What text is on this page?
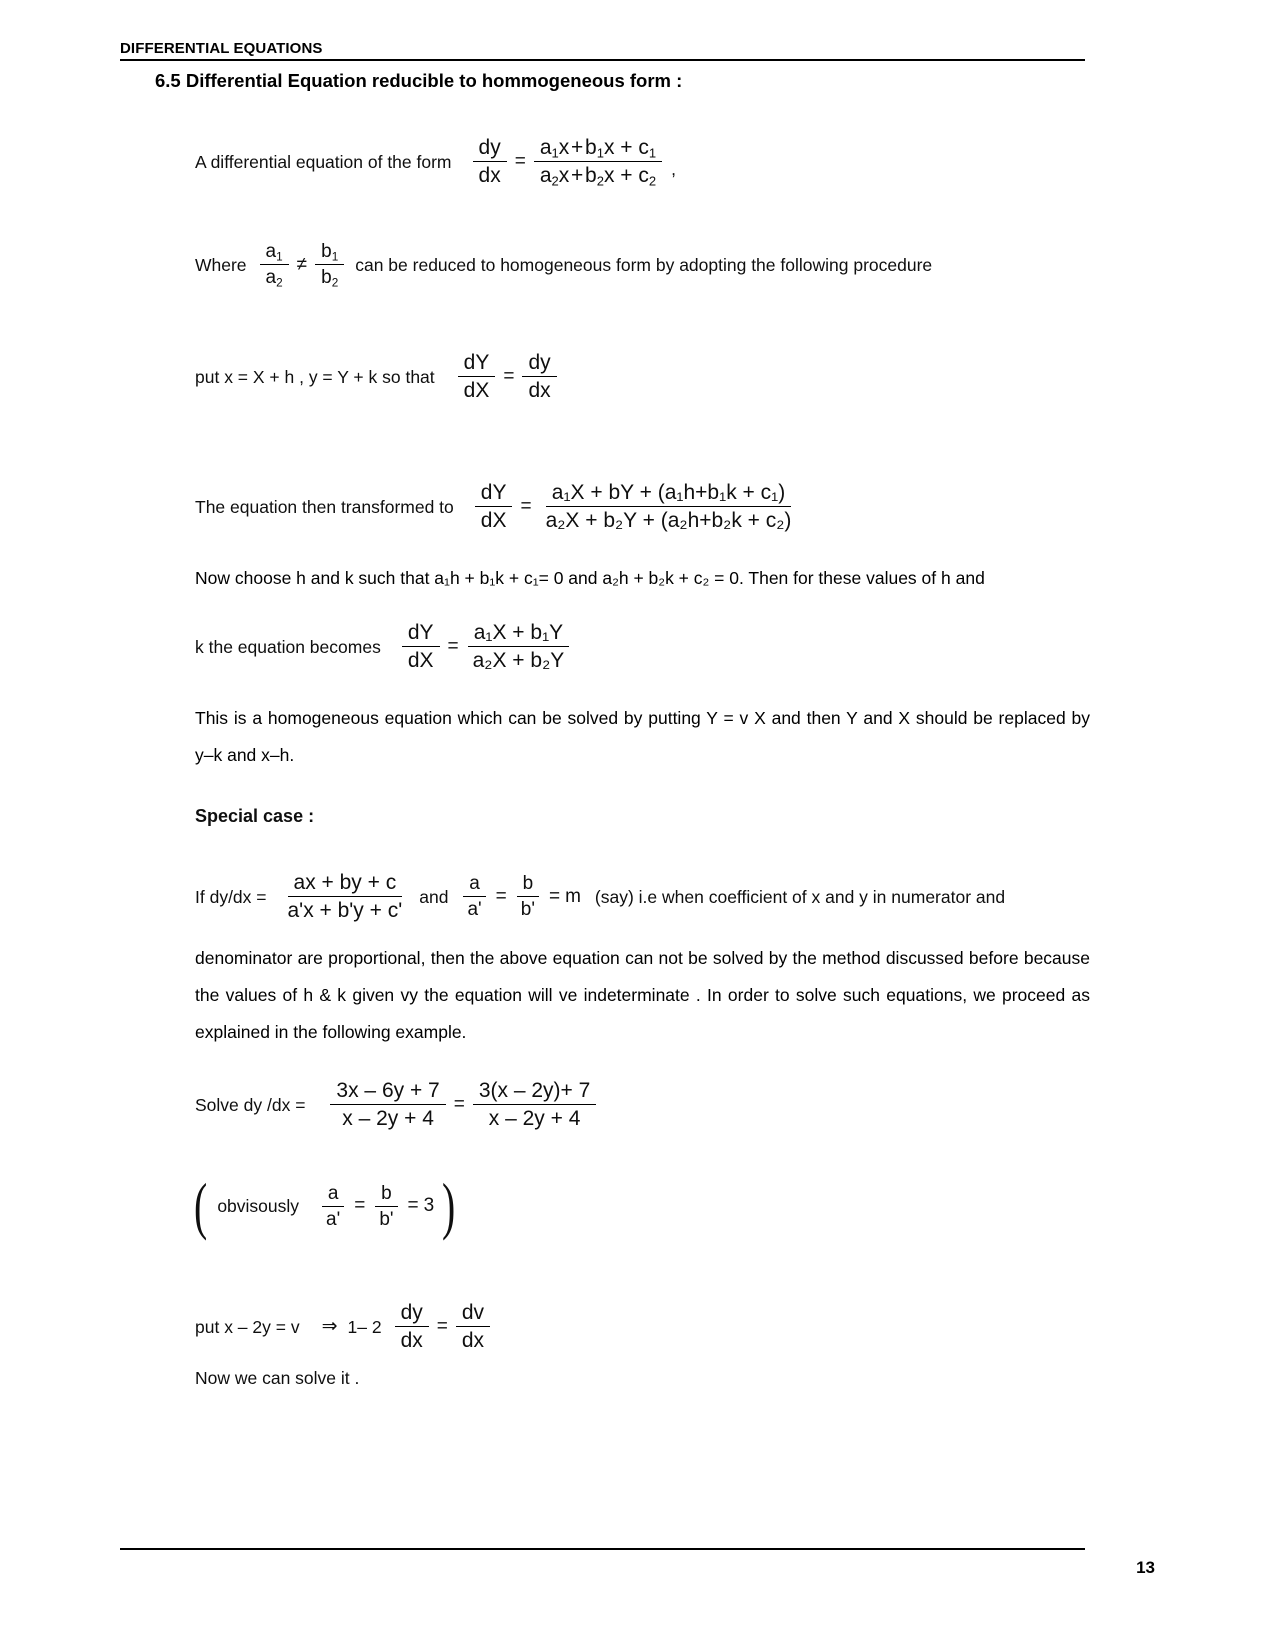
DIFFERENTIAL EQUATIONS
6.5 Differential Equation reducible to hommogeneous form :
A differential equation of the form $\frac{dy}{dx} = \frac{a_1x + b_1x + c_1}{a_2x + b_2x + c_2}$ ,
Where $\frac{a_1}{a_2} \ne \frac{b_1}{b_2}$ can be reduced to homogeneous form by adopting the following procedure
put x = X + h , y = Y + k so that $\frac{dY}{dX} = \frac{dy}{dx}$
The equation then transformed to $\frac{dY}{dX} = \frac{\text{a₁X + bY + (a₁h+b₁k + c₁)}}{\text{a₂X + b₂Y + (a₂h+b₂k + c₂)}}$
Now choose h and k such that a₁h + b₁k + c₁= 0 and a₂h + b₂k + c₂ = 0. Then for these values of h and
k the equation becomes $\frac{dY}{dX} = \frac{\text{a₁X + b₁Y}}{\text{a₂X + b₂Y}}$
This is a homogeneous equation which can be solved by putting Y = v X and then Y and X should be replaced by y–k and x–h.
Special case :
If $dy/dx = \frac{ax + by + c}{a'x + b'y + c'}$ and $\frac{a}{a'} = \frac{b}{b'} = m$ (say) i.e when coefficient of x and y in numerator and
denominator are proportional, then the above equation can not be solved by the method discussed before because the values of h & k given vy the equation will ve indeterminate . In order to solve such equations, we proceed as explained in the following example.
Solve dy $/dx = \frac{3x - 6y + 7}{x - 2y + 4} = \frac{3(x - 2y)+ 7}{x - 2y + 4}$
( obvisously $\frac{a}{a'} = \frac{b}{b'} = 3$ )
put x – 2y = v ⇒ 1– $2 \frac{dy}{dx} = \frac{dv}{dx}$
Now we can solve it .
13
